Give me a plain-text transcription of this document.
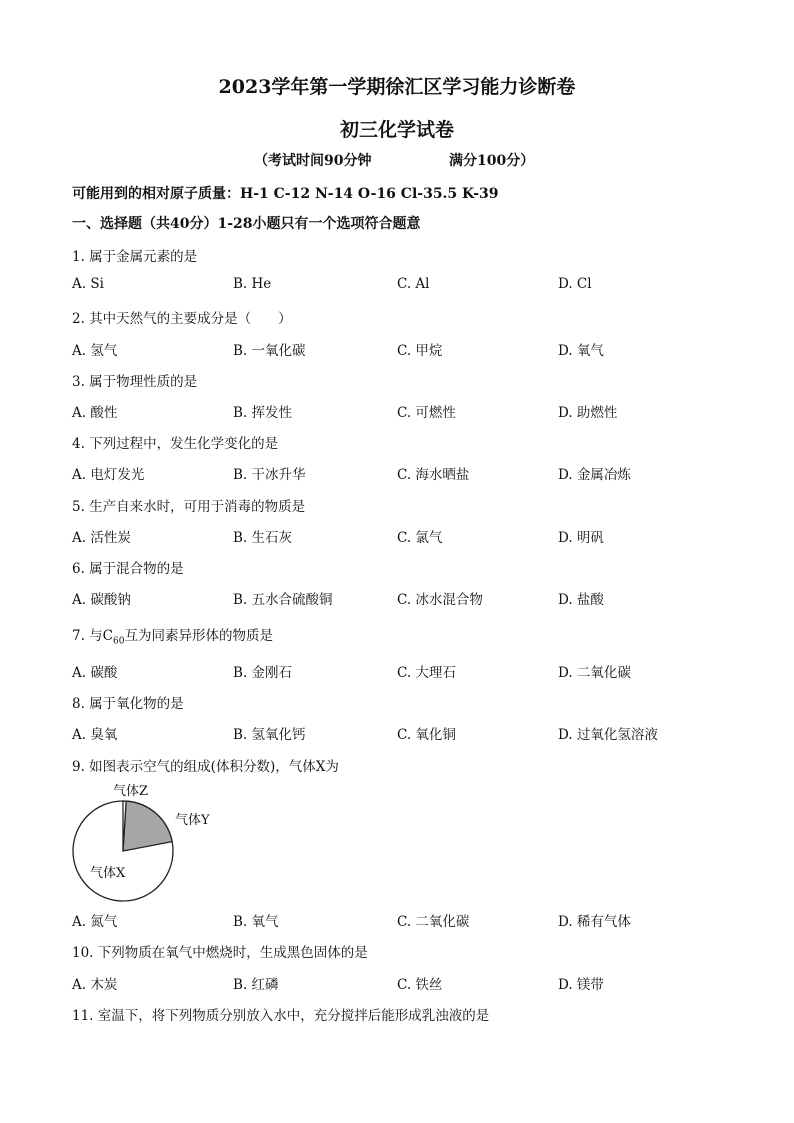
2023学年第一学期徐汇区学习能力诊断卷
初三化学试卷
（考试时间90分钟	满分100分）
可能用到的相对原子质量：H-1 C-12 N-14 O-16 Cl-35.5 K-39
一、选择题（共40分）1-28小题只有一个选项符合题意
1. 属于金属元素的是
A. Si	B. He	C. Al	D. Cl
2. 其中天然气的主要成分是（　　）
A. 氢气	B. 一氧化碳	C. 甲烷	D. 氧气
3. 属于物理性质的是
A. 酸性	B. 挥发性	C. 可燃性	D. 助燃性
4. 下列过程中，发生化学变化的是
A. 电灯发光	B. 干冰升华	C. 海水晒盐	D. 金属冶炼
5. 生产自来水时，可用于消毒的物质是
A. 活性炭	B. 生石灰	C. 氯气	D. 明矾
6. 属于混合物的是
A. 碳酸钠	B. 五水合硫酸铜	C. 冰水混合物	D. 盐酸
7. 与$C_{60}$互为同素异形体的物质是
A. 碳酸	B. 金刚石	C. 大理石	D. 二氧化碳
8. 属于氧化物的是
A. 臭氧	B. 氢氧化钙	C. 氧化铜	D. 过氧化氢溶液
9. 如图表示空气的组成(体积分数)，气体X为
气体Z
气体Y
气体X
A. 氮气	B. 氧气	C. 二氧化碳	D. 稀有气体
10. 下列物质在氧气中燃烧时，生成黑色固体的是
A. 木炭	B. 红磷	C. 铁丝	D. 镁带
11. 室温下，将下列物质分别放入水中，充分搅拌后能形成乳浊液的是
